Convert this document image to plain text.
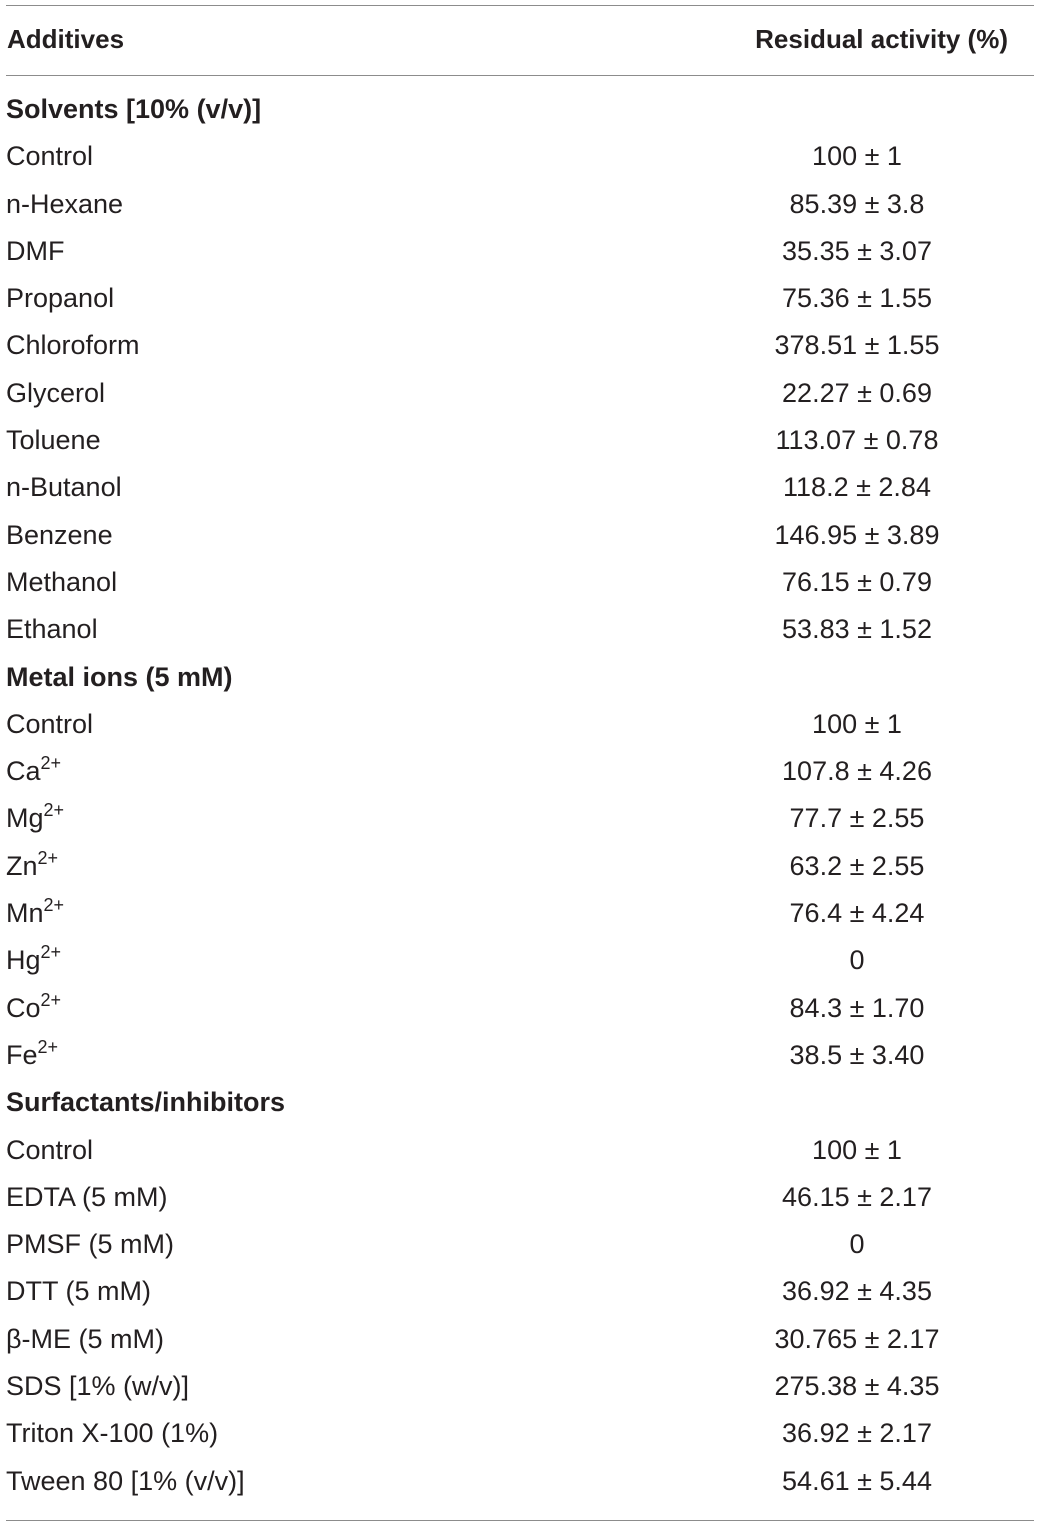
Additives	Residual activity (%)
Solvents [10% (v/v)]
Control	100 ± 1
n-Hexane	85.39 ± 3.8
DMF	35.35 ± 3.07
Propanol	75.36 ± 1.55
Chloroform	378.51 ± 1.55
Glycerol	22.27 ± 0.69
Toluene	113.07 ± 0.78
n-Butanol	118.2 ± 2.84
Benzene	146.95 ± 3.89
Methanol	76.15 ± 0.79
Ethanol	53.83 ± 1.52
Metal ions (5 mM)
Control	100 ± 1
$Ca^{2+}$	107.8 ± 4.26
$Mg^{2+}$	77.7 ± 2.55
$Zn^{2+}$	63.2 ± 2.55
$Mn^{2+}$	76.4 ± 4.24
$Hg^{2+}$	0
$Co^{2+}$	84.3 ± 1.70
$Fe^{2+}$	38.5 ± 3.40
Surfactants/inhibitors
Control	100 ± 1
EDTA (5 mM)	46.15 ± 2.17
PMSF (5 mM)	0
DTT (5 mM)	36.92 ± 4.35
β-ME (5 mM)	30.765 ± 2.17
SDS [1% (w/v)]	275.38 ± 4.35
Triton X-100 (1%)	36.92 ± 2.17
Tween 80 [1% (v/v)]	54.61 ± 5.44
